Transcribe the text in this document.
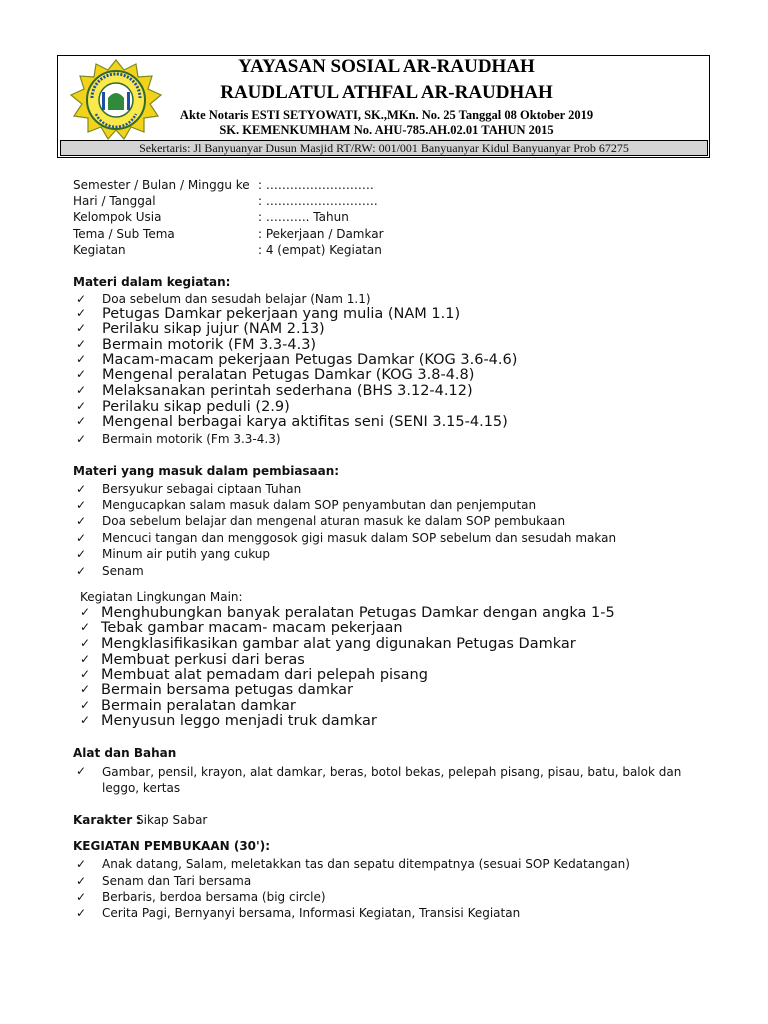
YAYASAN SOSIAL AR-RAUDHAH
RAUDLATUL ATHFAL AR-RAUDHAH
Akte Notaris ESTI SETYOWATI, SK.,MKn. No. 25 Tanggal 08 Oktober 2019
SK. KEMENKUMHAM No. AHU-785.AH.02.01 TAHUN 2015
Sekertaris: Jl Banyuanyar Dusun Masjid RT/RW: 001/001 Banyuanyar Kidul Banyuanyar Prob 67275
Semester / Bulan / Minggu ke : ………………………
Hari / Tanggal	: ……………………….
Kelompok Usia	: ……….. Tahun
Tema / Sub Tema	: Pekerjaan / Damkar
Kegiatan	: 4 (empat) Kegiatan
Materi dalam kegiatan:
✓ Doa sebelum dan sesudah belajar (Nam 1.1)
✓ Petugas Damkar pekerjaan yang mulia (NAM 1.1)
✓ Perilaku sikap jujur (NAM 2.13)
✓ Bermain motorik (FM 3.3-4.3)
✓ Macam-macam pekerjaan Petugas Damkar (KOG 3.6-4.6)
✓ Mengenal peralatan Petugas Damkar (KOG 3.8-4.8)
✓ Melaksanakan perintah sederhana (BHS 3.12-4.12)
✓ Perilaku sikap peduli (2.9)
✓ Mengenal berbagai karya aktifitas seni (SENI 3.15-4.15)
✓ Bermain motorik (Fm 3.3-4.3)
Materi yang masuk dalam pembiasaan:
✓ Bersyukur sebagai ciptaan Tuhan
✓ Mengucapkan salam masuk dalam SOP penyambutan dan penjemputan
✓ Doa sebelum belajar dan mengenal aturan masuk ke dalam SOP pembukaan
✓ Mencuci tangan dan menggosok gigi masuk dalam SOP sebelum dan sesudah makan
✓ Minum air putih yang cukup
✓ Senam
Kegiatan Lingkungan Main:
✓ Menghubungkan banyak peralatan Petugas Damkar dengan angka 1-5
✓ Tebak gambar macam- macam pekerjaan
✓ Mengklasifikasikan gambar alat yang digunakan Petugas Damkar
✓ Membuat perkusi dari beras
✓ Membuat alat pemadam dari pelepah pisang
✓ Bermain bersama petugas damkar
✓ Bermain peralatan damkar
✓ Menyusun leggo menjadi truk damkar
Alat dan Bahan
✓ Gambar, pensil, krayon, alat damkar, beras, botol bekas, pelepah pisang, pisau, batu, balok dan leggo, kertas
Karakter :
Sikap Sabar
KEGIATAN PEMBUKAAN (30'):
✓ Anak datang, Salam, meletakkan tas dan sepatu ditempatnya (sesuai SOP Kedatangan)
✓ Senam dan Tari bersama
✓ Berbaris, berdoa bersama (big circle)
✓ Cerita Pagi, Bernyanyi bersama, Informasi Kegiatan, Transisi Kegiatan
